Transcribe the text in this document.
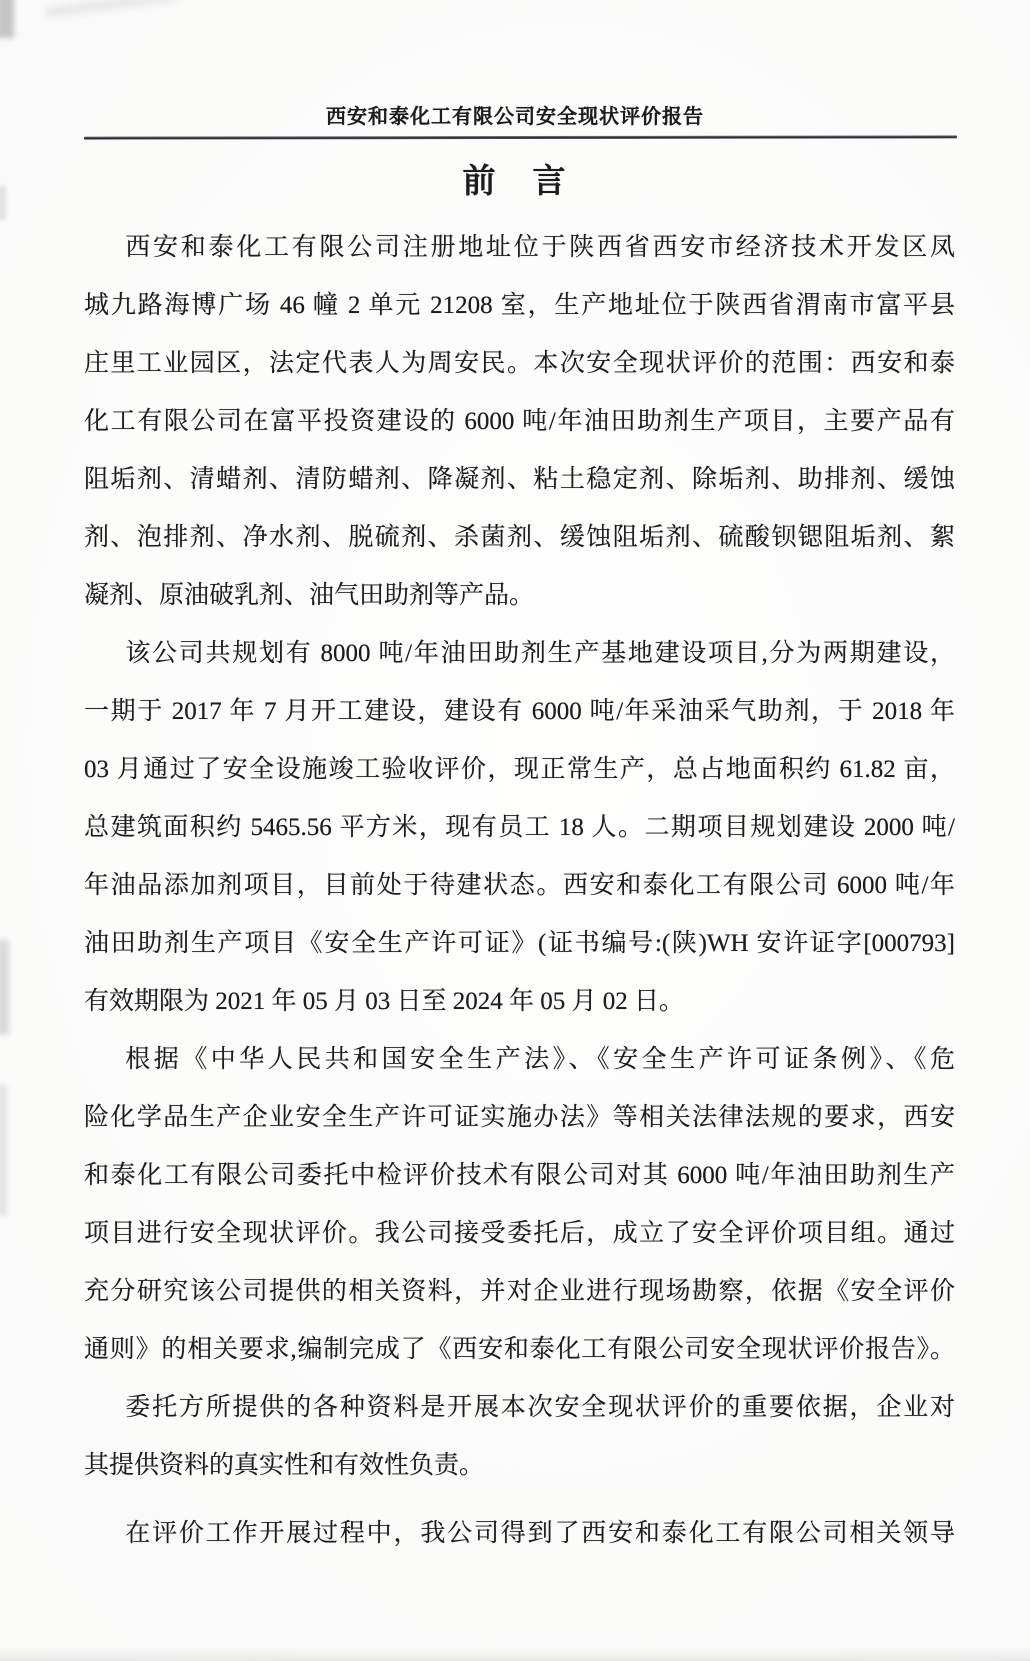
西安和泰化工有限公司安全现状评价报告
前　言
西安和泰化工有限公司注册地址位于陕西省西安市经济技术开发区凤
城九路海博广场 46 幢 2 单元 21208 室，生产地址位于陕西省渭南市富平县
庄里工业园区，法定代表人为周安民。本次安全现状评价的范围：西安和泰
化工有限公司在富平投资建设的 6000 吨/年油田助剂生产项目，主要产品有
阻垢剂、清蜡剂、清防蜡剂、降凝剂、粘土稳定剂、除垢剂、助排剂、缓蚀
剂、泡排剂、净水剂、脱硫剂、杀菌剂、缓蚀阻垢剂、硫酸钡锶阻垢剂、絮
凝剂、原油破乳剂、油气田助剂等产品。
该公司共规划有 8000 吨/年油田助剂生产基地建设项目,分为两期建设，
一期于 2017 年 7 月开工建设，建设有 6000 吨/年采油采气助剂，于 2018 年
03 月通过了安全设施竣工验收评价，现正常生产，总占地面积约 61.82 亩，
总建筑面积约 5465.56 平方米，现有员工 18 人。二期项目规划建设 2000 吨/
年油品添加剂项目，目前处于待建状态。西安和泰化工有限公司 6000 吨/年
油田助剂生产项目《安全生产许可证》(证书编号:(陕)WH 安许证字[000793]
有效期限为 2021 年 05 月 03 日至 2024 年 05 月 02 日。
根据《中华人民共和国安全生产法》、《安全生产许可证条例》、《危
险化学品生产企业安全生产许可证实施办法》等相关法律法规的要求，西安
和泰化工有限公司委托中检评价技术有限公司对其 6000 吨/年油田助剂生产
项目进行安全现状评价。我公司接受委托后，成立了安全评价项目组。通过
充分研究该公司提供的相关资料，并对企业进行现场勘察，依据《安全评价
通则》的相关要求,编制完成了《西安和泰化工有限公司安全现状评价报告》。
委托方所提供的各种资料是开展本次安全现状评价的重要依据，企业对
其提供资料的真实性和有效性负责。
在评价工作开展过程中，我公司得到了西安和泰化工有限公司相关领导
